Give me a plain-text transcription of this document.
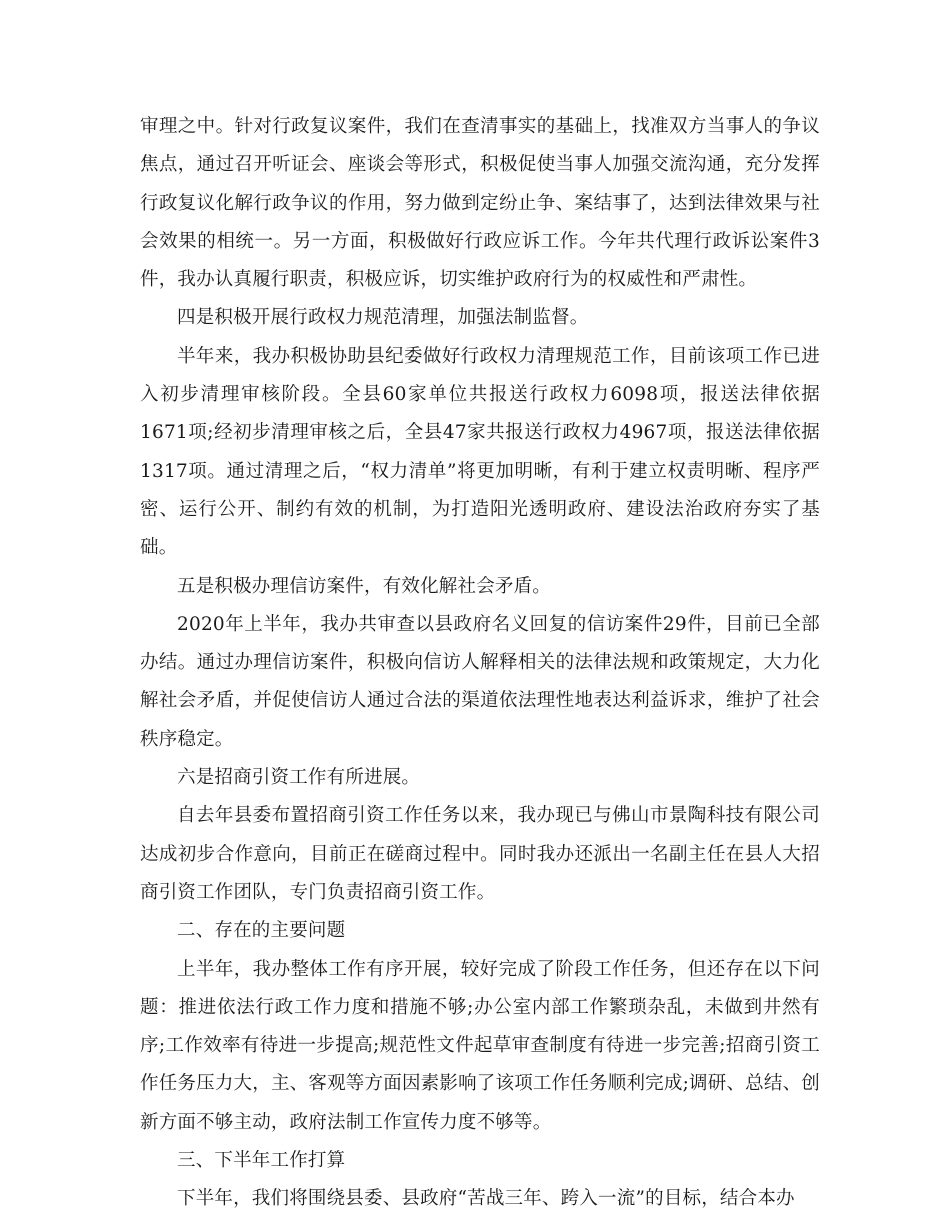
审理之中。针对行政复议案件，我们在查清事实的基础上，找准双方当事人的争议焦点，通过召开听证会、座谈会等形式，积极促使当事人加强交流沟通，充分发挥行政复议化解行政争议的作用，努力做到定纷止争、案结事了，达到法律效果与社会效果的相统一。另一方面，积极做好行政应诉工作。今年共代理行政诉讼案件3件，我办认真履行职责，积极应诉，切实维护政府行为的权威性和严肃性。

四是积极开展行政权力规范清理，加强法制监督。

半年来，我办积极协助县纪委做好行政权力清理规范工作，目前该项工作已进入初步清理审核阶段。全县60家单位共报送行政权力6098项，报送法律依据1671项;经初步清理审核之后，全县47家共报送行政权力4967项，报送法律依据1317项。通过清理之后，“权力清单”将更加明晰，有利于建立权责明晰、程序严密、运行公开、制约有效的机制，为打造阳光透明政府、建设法治政府夯实了基础。

五是积极办理信访案件，有效化解社会矛盾。

2020年上半年，我办共审查以县政府名义回复的信访案件29件，目前已全部办结。通过办理信访案件，积极向信访人解释相关的法律法规和政策规定，大力化解社会矛盾，并促使信访人通过合法的渠道依法理性地表达利益诉求，维护了社会秩序稳定。

六是招商引资工作有所进展。

自去年县委布置招商引资工作任务以来，我办现已与佛山市景陶科技有限公司达成初步合作意向，目前正在磋商过程中。同时我办还派出一名副主任在县人大招商引资工作团队，专门负责招商引资工作。

二、存在的主要问题

上半年，我办整体工作有序开展，较好完成了阶段工作任务，但还存在以下问题：推进依法行政工作力度和措施不够;办公室内部工作繁琐杂乱，未做到井然有序;工作效率有待进一步提高;规范性文件起草审查制度有待进一步完善;招商引资工作任务压力大，主、客观等方面因素影响了该项工作任务顺利完成;调研、总结、创新方面不够主动，政府法制工作宣传力度不够等。

三、下半年工作打算

下半年，我们将围绕县委、县政府“苦战三年、跨入一流”的目标，结合本办
